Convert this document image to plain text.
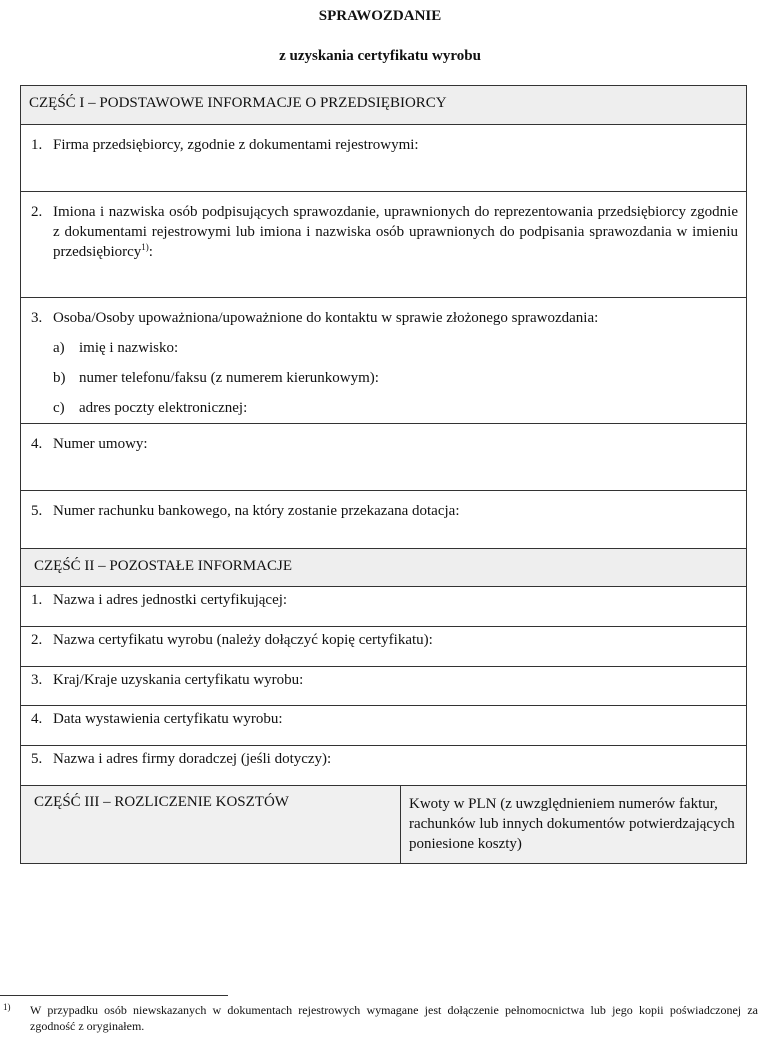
SPRAWOZDANIE
z uzyskania certyfikatu wyrobu
CZĘŚĆ I – PODSTAWOWE INFORMACJE O PRZEDSIĘBIORCY
1. Firma przedsiębiorcy, zgodnie z dokumentami rejestrowymi:
2. Imiona i nazwiska osób podpisujących sprawozdanie, uprawnionych do reprezentowania przedsiębiorcy zgodnie z dokumentami rejestrowymi lub imiona i nazwiska osób uprawnionych do podpisania sprawozdania w imieniu przedsiębiorcy$^{1)}$:
3. Osoba/Osoby upoważniona/upoważnione do kontaktu w sprawie złożonego sprawozdania:
a) imię i nazwisko:
b) numer telefonu/faksu (z numerem kierunkowym):
c) adres poczty elektronicznej:
4. Numer umowy:
5. Numer rachunku bankowego, na który zostanie przekazana dotacja:
CZĘŚĆ II – POZOSTAŁE INFORMACJE
1. Nazwa i adres jednostki certyfikującej:
2. Nazwa certyfikatu wyrobu (należy dołączyć kopię certyfikatu):
3. Kraj/Kraje uzyskania certyfikatu wyrobu:
4. Data wystawienia certyfikatu wyrobu:
5. Nazwa i adres firmy doradczej (jeśli dotyczy):
CZĘŚĆ III – ROZLICZENIE KOSZTÓW	Kwoty w PLN (z uwzględnieniem numerów faktur, rachunków lub innych dokumentów potwierdzających poniesione koszty)
1) W przypadku osób niewskazanych w dokumentach rejestrowych wymagane jest dołączenie pełnomocnictwa lub jego kopii poświadczonej za zgodność z oryginałem.
